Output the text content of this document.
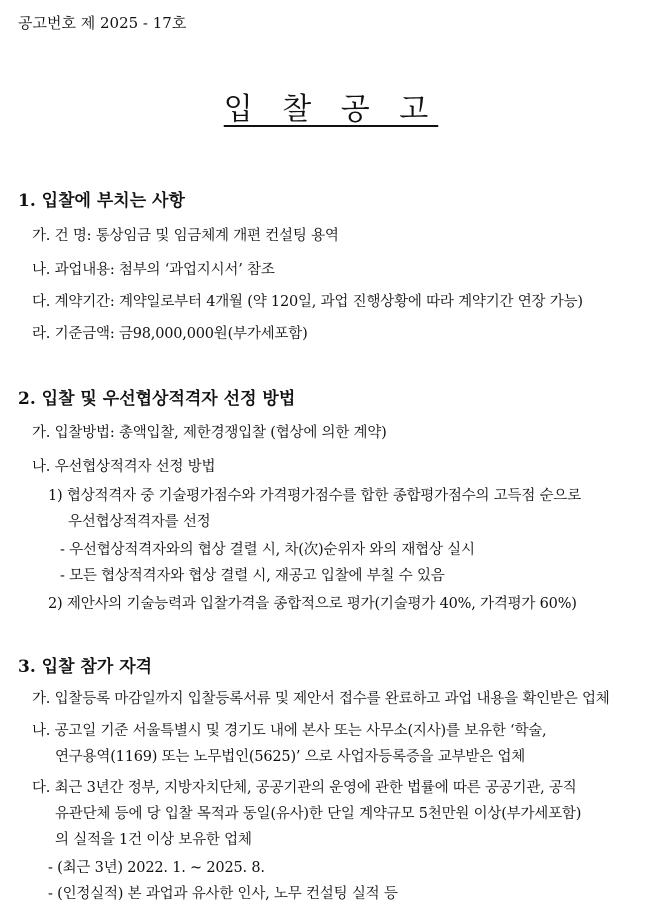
공고번호 제 2025 - 17호
입 찰 공 고
1. 입찰에 부치는 사항
가. 건 명: 통상임금 및 임금체계 개편 컨설팅 용역
나. 과업내용: 첨부의 ‘과업지시서’ 참조
다. 계약기간: 계약일로부터 4개월 (약 120일, 과업 진행상황에 따라 계약기간 연장 가능)
라. 기준금액: 금98,000,000원(부가세포함)
2. 입찰 및 우선협상적격자 선정 방법
가. 입찰방법: 총액입찰, 제한경쟁입찰 (협상에 의한 계약)
나. 우선협상적격자 선정 방법
1) 협상적격자 중 기술평가점수와 가격평가점수를 합한 종합평가점수의 고득점 순으로
우선협상적격자를 선정
- 우선협상적격자와의 협상 결렬 시, 차(次)순위자 와의 재협상 실시
- 모든 협상적격자와 협상 결렬 시, 재공고 입찰에 부칠 수 있음
2) 제안사의 기술능력과 입찰가격을 종합적으로 평가(기술평가 40%, 가격평가 60%)
3. 입찰 참가 자격
가. 입찰등록 마감일까지 입찰등록서류 및 제안서 접수를 완료하고 과업 내용을 확인받은 업체
나. 공고일 기준 서울특별시 및 경기도 내에 본사 또는 사무소(지사)를 보유한 ‘학술,
연구용역(1169) 또는 노무법인(5625)’ 으로 사업자등록증을 교부받은 업체
다. 최근 3년간 정부, 지방자치단체, 공공기관의 운영에 관한 법률에 따른 공공기관, 공직
유관단체 등에 당 입찰 목적과 동일(유사)한 단일 계약규모 5천만원 이상(부가세포함)
의 실적을 1건 이상 보유한 업체
- (최근 3년) 2022. 1. ~ 2025. 8.
- (인정실적) 본 과업과 유사한 인사, 노무 컨설팅 실적 등
